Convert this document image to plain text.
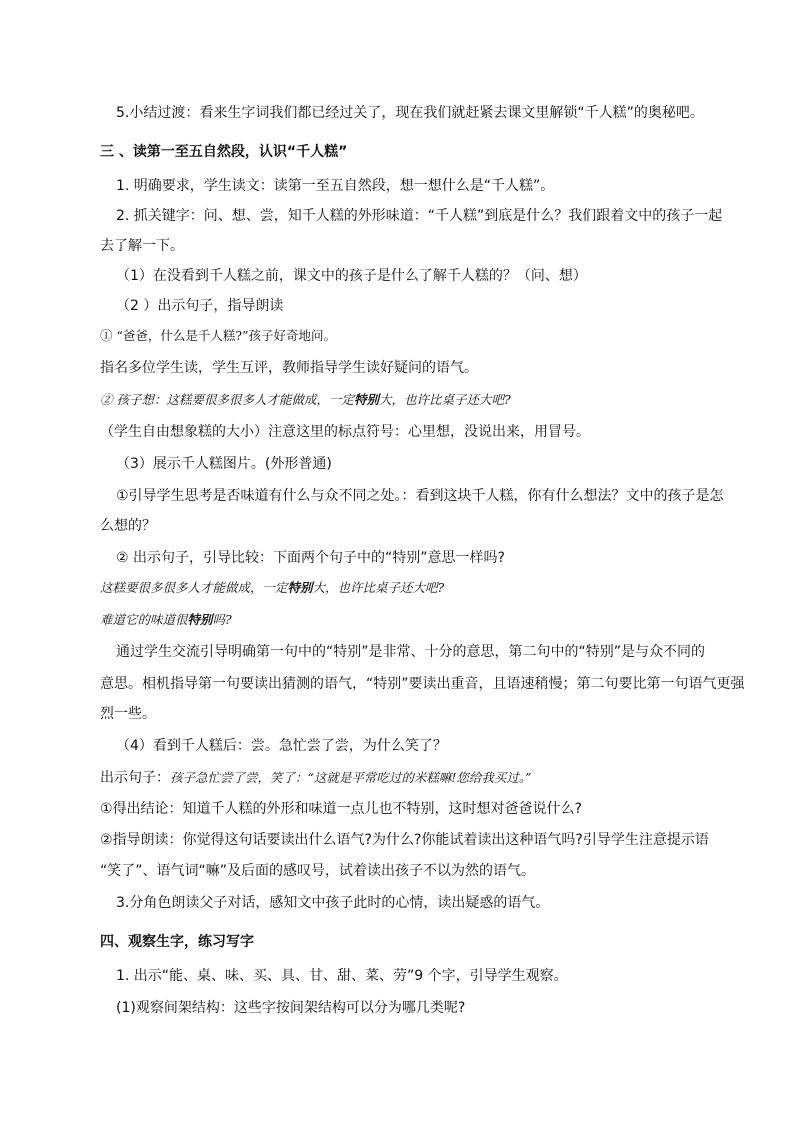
5.小结过渡：看来生字词我们都已经过关了，现在我们就赶紧去课文里解锁“千人糕”的奥秘吧。

三 、读第一至五自然段，认识“千人糕”

1. 明确要求，学生读文：读第一至五自然段，想一想什么是“千人糕”。

2. 抓关键字：问、想、尝，知千人糕的外形味道：“千人糕”到底是什么？我们跟着文中的孩子一起

去了解一下。

（1）在没看到千人糕之前，课文中的孩子是什么了解千人糕的？（问、想）

（2 ）出示句子，指导朗读

① “爸爸，什么是千人糕?”孩子好奇地问。

指名多位学生读，学生互评，教师指导学生读好疑问的语气。

② 孩子想：这糕要很多很多人才能做成，一定特别大，也许比桌子还大吧?

（学生自由想象糕的大小）注意这里的标点符号：心里想，没说出来，用冒号。

（3）展示千人糕图片。(外形普通)

①引导学生思考是否味道有什么与众不同之处。：看到这块千人糕，你有什么想法？文中的孩子是怎

么想的？

② 出示句子，引导比较：下面两个句子中的“特别”意思一样吗?

这糕要很多很多人才能做成，一定特别大，也许比桌子还大吧?

难道它的味道很特别吗?

通过学生交流引导明确第一句中的“特别”是非常、十分的意思，第二句中的“特别”是与众不同的

意思。相机指导第一句要读出猜测的语气，“特别”要读出重音，且语速稍慢；第二句要比第一句语气更强

烈一些。

（4）看到千人糕后：尝。急忙尝了尝，为什么笑了？

出示句子：孩子急忙尝了尝，笑了：“这就是平常吃过的米糕嘛!您给我买过。”

①得出结论：知道千人糕的外形和味道一点儿也不特别，这时想对爸爸说什么?

②指导朗读：你觉得这句话要读出什么语气?为什么?你能试着读出这种语气吗?引导学生注意提示语

“笑了”、语气词“嘛”及后面的感叹号，试着读出孩子不以为然的语气。

3.分角色朗读父子对话，感知文中孩子此时的心情，读出疑惑的语气。

四、观察生字，练习写字

1. 出示“能、桌、味、买、具、甘、甜、菜、劳”9 个字，引导学生观察。

(1)观察间架结构：这些字按间架结构可以分为哪几类呢?
